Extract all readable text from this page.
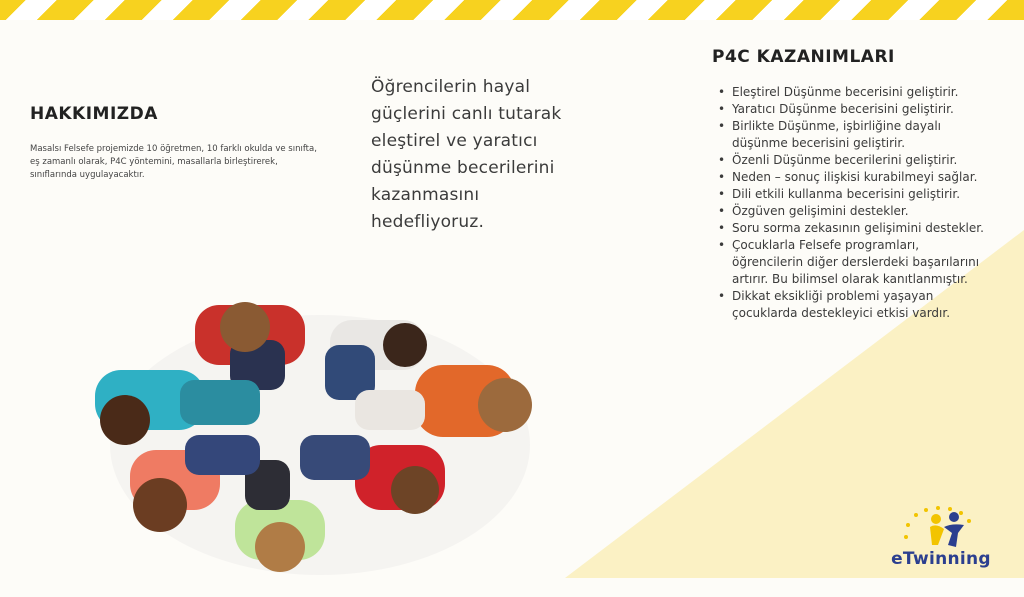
HAKKIMIZDA
Masalsı Felsefe projemizde 10 öğretmen, 10 farklı okulda ve sınıfta, eş zamanlı olarak, P4C yöntemini, masallarla birleştirerek, sınıflarında uygulayacaktır.
Öğrencilerin hayal
güçlerini canlı tutarak
eleştirel ve yaratıcı
düşünme becerilerini
kazanmasını
hedefliyoruz.
P4C KAZANIMLARI
• Eleştirel Düşünme becerisini geliştirir.
• Yaratıcı Düşünme becerisini geliştirir.
• Birlikte Düşünme, işbirliğine dayalı düşünme becerisini geliştirir.
• Özenli Düşünme becerilerini geliştirir.
• Neden – sonuç ilişkisi kurabilmeyi sağlar.
• Dili etkili kullanma becerisini geliştirir.
• Özgüven gelişimini destekler.
• Soru sorma zekasının gelişimini destekler.
• Çocuklarla Felsefe programları, öğrencilerin diğer derslerdeki başarılarını artırır. Bu bilimsel olarak kanıtlanmıştır.
• Dikkat eksikliği problemi yaşayan çocuklarda destekleyici etkisi vardır.
eTwinning
